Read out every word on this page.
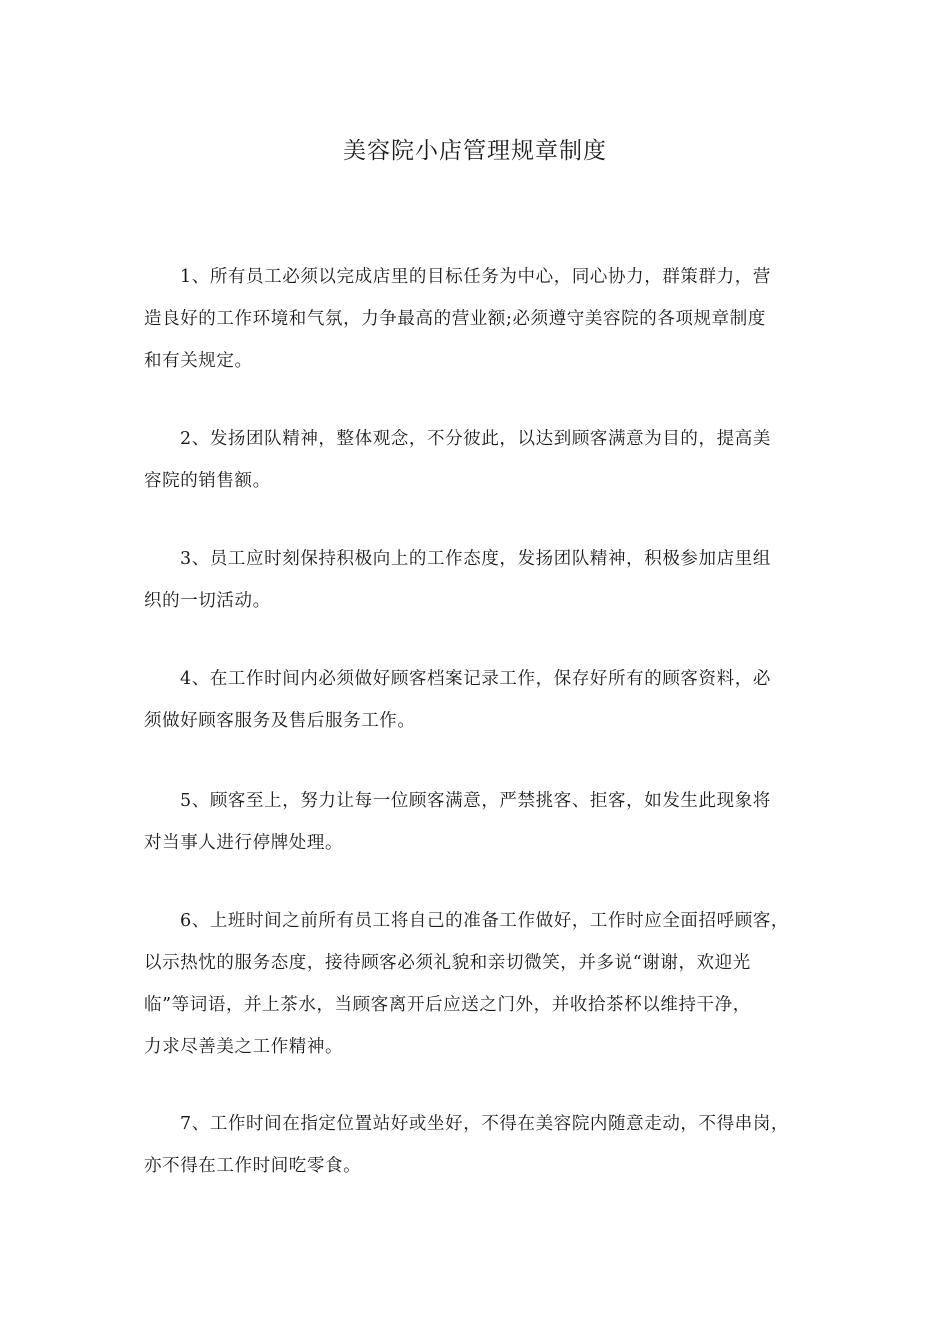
美容院小店管理规章制度
1、所有员工必须以完成店里的目标任务为中心，同心协力，群策群力，营
造良好的工作环境和气氛，力争最高的营业额;必须遵守美容院的各项规章制度
和有关规定。
2、发扬团队精神，整体观念，不分彼此，以达到顾客满意为目的，提高美
容院的销售额。
3、员工应时刻保持积极向上的工作态度，发扬团队精神，积极参加店里组
织的一切活动。
4、在工作时间内必须做好顾客档案记录工作，保存好所有的顾客资料，必
须做好顾客服务及售后服务工作。
5、顾客至上，努力让每一位顾客满意，严禁挑客、拒客，如发生此现象将
对当事人进行停牌处理。
6、上班时间之前所有员工将自己的准备工作做好，工作时应全面招呼顾客，
以示热忱的服务态度，接待顾客必须礼貌和亲切微笑，并多说“谢谢，欢迎光
临”等词语，并上茶水，当顾客离开后应送之门外，并收拾茶杯以维持干净，
力求尽善美之工作精神。
7、工作时间在指定位置站好或坐好，不得在美容院内随意走动，不得串岗，
亦不得在工作时间吃零食。
